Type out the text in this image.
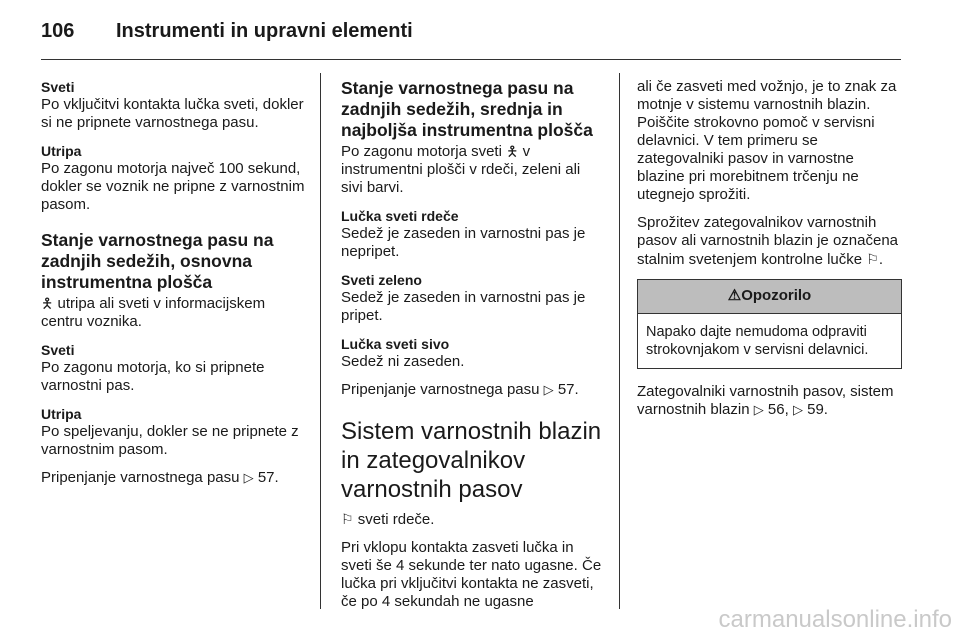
106 Instrumenti in upravni elementi
Sveti
Po vključitvi kontakta lučka sveti, dokler si ne pripnete varnostnega pasu.
Utripa
Po zagonu motorja največ 100 sekund, dokler se voznik ne pripne z varnostnim pasom.
Stanje varnostnega pasu na zadnjih sedežih, osnovna instrumentna plošča
🯅 utripa ali sveti v informacijskem centru voznika.
Sveti
Po zagonu motorja, ko si pripnete varnostni pas.
Utripa
Po speljevanju, dokler se ne pripnete z varnostnim pasom.
Pripenjanje varnostnega pasu ▷ 57.
Stanje varnostnega pasu na zadnjih sedežih, srednja in najboljša instrumentna plošča
Po zagonu motorja sveti 🯅 v instrumentni plošči v rdeči, zeleni ali sivi barvi.
Lučka sveti rdeče
Sedež je zaseden in varnostni pas je nepripet.
Sveti zeleno
Sedež je zaseden in varnostni pas je pripet.
Lučka sveti sivo
Sedež ni zaseden.
Pripenjanje varnostnega pasu ▷ 57.
Sistem varnostnih blazin in zategovalnikov varnostnih pasov
⚐ sveti rdeče.
Pri vklopu kontakta zasveti lučka in sveti še 4 sekunde ter nato ugasne. Če lučka pri vključitvi kontakta ne zasveti, če po 4 sekundah ne ugasne
ali če zasveti med vožnjo, je to znak za motnje v sistemu varnostnih blazin. Poiščite strokovno pomoč v servisni delavnici. V tem primeru se zategovalniki pasov in varnostne blazine pri morebitnem trčenju ne utegnejo sprožiti.
Sprožitev zategovalnikov varnostnih pasov ali varnostnih blazin je označena stalnim svetenjem kontrolne lučke ⚐.
⚠Opozorilo
Napako dajte nemudoma odpraviti strokovnjakom v servisni delavnici.
Zategovalniki varnostnih pasov, sistem varnostnih blazin ▷ 56, ▷ 59.
carmanualsonline.info
